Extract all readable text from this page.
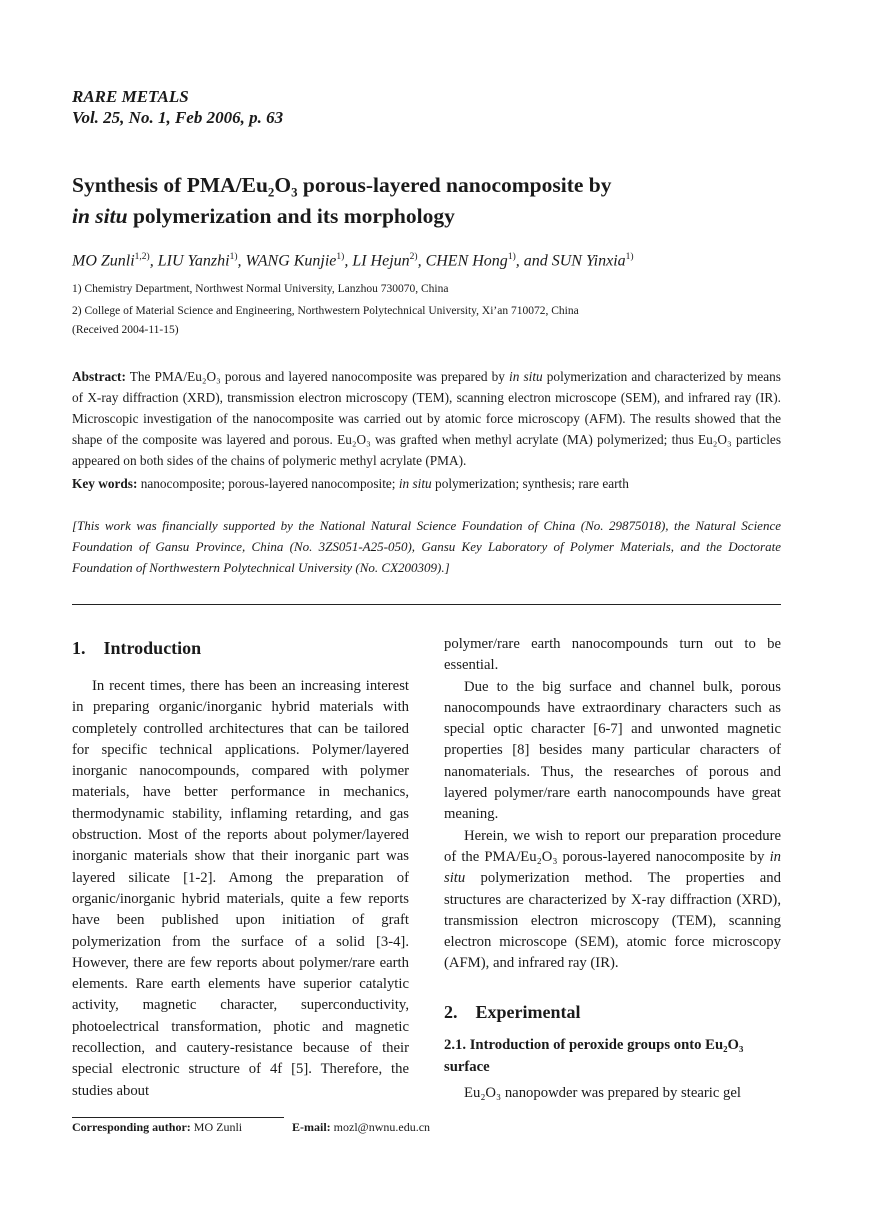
RARE METALS
Vol. 25, No. 1, Feb 2006, p. 63
Synthesis of PMA/Eu₂O₃ porous-layered nanocomposite by
in situ polymerization and its morphology
MO Zunli$^{1,2)}$, LIU Yanzhi$^{1)}$, WANG Kunjie$^{1)}$, LI Hejun$^{2)}$, CHEN Hong$^{1)}$, and SUN Yinxia$^{1)}$
1) Chemistry Department, Northwest Normal University, Lanzhou 730070, China
2) College of Material Science and Engineering, Northwestern Polytechnical University, Xi’an 710072, China
(Received 2004-11-15)
Abstract: The PMA/Eu₂O₃ porous and layered nanocomposite was prepared by in situ polymerization and characterized by means of X-ray diffraction (XRD), transmission electron microscopy (TEM), scanning electron microscope (SEM), and infrared ray (IR). Microscopic investigation of the nanocomposite was carried out by atomic force microscopy (AFM). The results showed that the shape of the composite was layered and porous. Eu₂O₃ was grafted when methyl acrylate (MA) polymerized; thus Eu₂O₃ particles appeared on both sides of the chains of polymeric methyl acrylate (PMA).
Key words: nanocomposite; porous-layered nanocomposite; in situ polymerization; synthesis; rare earth
[This work was financially supported by the National Natural Science Foundation of China (No. 29875018), the Natural Science Foundation of Gansu Province, China (No. 3ZS051-A25-050), Gansu Key Laboratory of Polymer Materials, and the Doctorate Foundation of Northwestern Polytechnical University (No. CX200309).]
1.    Introduction

In recent times, there has been an increasing interest in preparing organic/inorganic hybrid materials with completely controlled architectures that can be tailored for specific technical applications. Polymer/layered inorganic nanocompounds, compared with polymer materials, have better performance in mechanics, thermodynamic stability, inflaming retarding, and gas obstruction. Most of the reports about polymer/layered inorganic materials show that their inorganic part was layered silicate [1-2]. Among the preparation of organic/inorganic hybrid materials, quite a few reports have been published upon initiation of graft polymerization from the surface of a solid [3-4]. However, there are few reports about polymer/rare earth elements. Rare earth elements have superior catalytic activity, magnetic character, superconductivity, photoelectrical transformation, photic and magnetic recollection, and cautery-resistance because of their special electronic structure of 4f [5]. Therefore, the studies about

polymer/rare earth nanocompounds turn out to be essential.

Due to the big surface and channel bulk, porous nanocompounds have extraordinary characters such as special optic character [6-7] and unwonted magnetic properties [8] besides many particular characters of nanomaterials. Thus, the researches of porous and layered polymer/rare earth nanocompounds have great meaning.

Herein, we wish to report our preparation procedure of the PMA/Eu₂O₃ porous-layered nanocomposite by in situ polymerization method. The properties and structures are characterized by X-ray diffraction (XRD), transmission electron microscopy (TEM), scanning electron microscope (SEM), atomic force microscopy (AFM), and infrared ray (IR).

2.    Experimental
2.1. Introduction of peroxide groups onto Eu₂O₃ surface
Eu₂O₃ nanopowder was prepared by stearic gel
Corresponding author: MO Zunli	E-mail: mozl@nwnu.edu.cn
